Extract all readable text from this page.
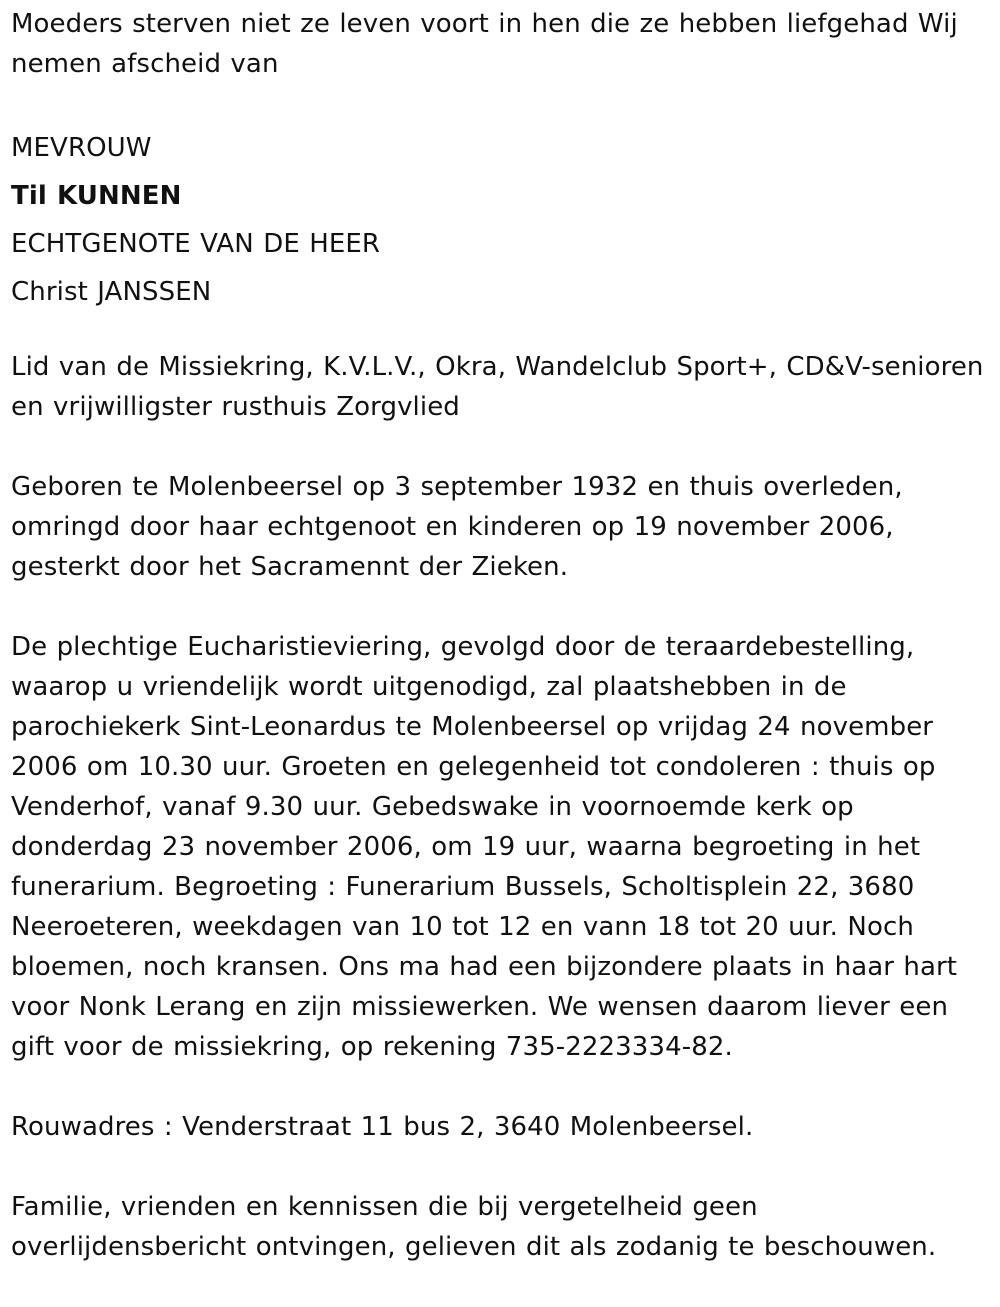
Moeders sterven niet ze leven voort in hen die ze hebben liefgehad Wij nemen afscheid van

MEVROUW
Til KUNNEN
ECHTGENOTE VAN DE HEER
Christ JANSSEN

Lid van de Missiekring, K.V.L.V., Okra, Wandelclub Sport+, CD&V-senioren en vrijwilligster rusthuis Zorgvlied

Geboren te Molenbeersel op 3 september 1932 en thuis overleden, omringd door haar echtgenoot en kinderen op 19 november 2006, gesterkt door het Sacramennt der Zieken.

De plechtige Eucharistieviering, gevolgd door de teraardebestelling, waarop u vriendelijk wordt uitgenodigd, zal plaatshebben in de parochiekerk Sint-Leonardus te Molenbeersel op vrijdag 24 november 2006 om 10.30 uur. Groeten en gelegenheid tot condoleren : thuis op Venderhof, vanaf 9.30 uur. Gebedswake in voornoemde kerk op donderdag 23 november 2006, om 19 uur, waarna begroeting in het funerarium. Begroeting : Funerarium Bussels, Scholtisplein 22, 3680 Neeroeteren, weekdagen van 10 tot 12 en vann 18 tot 20 uur. Noch bloemen, noch kransen. Ons ma had een bijzondere plaats in haar hart voor Nonk Lerang en zijn missiewerken. We wensen daarom liever een gift voor de missiekring, op rekening 735-2223334-82.

Rouwadres : Venderstraat 11 bus 2, 3640 Molenbeersel.

Familie, vrienden en kennissen die bij vergetelheid geen overlijdensbericht ontvingen, gelieven dit als zodanig te beschouwen.
